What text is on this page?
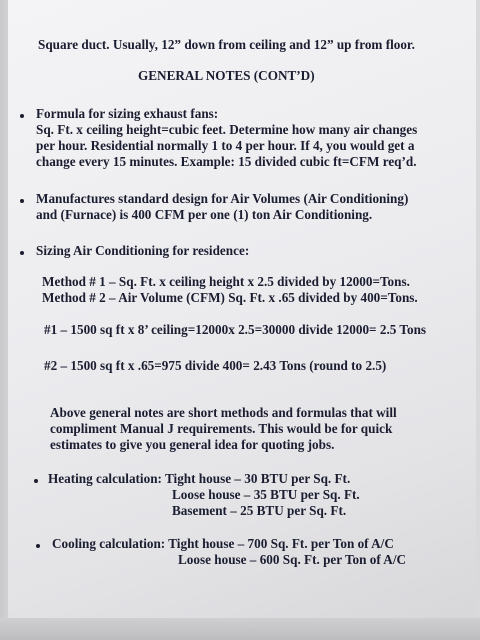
Square duct. Usually, 12” down from ceiling and 12” up from floor.

GENERAL NOTES (CONT’D)

Formula for sizing exhaust fans:

Sq. Ft. x ceiling height=cubic feet. Determine how many air changes

per hour. Residential normally 1 to 4 per hour. If 4, you would get a

change every 15 minutes. Example: 15 divided cubic ft=CFM req’d.

Manufactures standard design for Air Volumes (Air Conditioning)

and (Furnace) is 400 CFM per one (1) ton Air Conditioning.

Sizing Air Conditioning for residence:

Method # 1 – Sq. Ft. x ceiling height x 2.5 divided by 12000=Tons.

Method # 2 – Air Volume (CFM) Sq. Ft. x .65 divided by 400=Tons.

#1 – 1500 sq ft x 8’ ceiling=12000x 2.5=30000 divide 12000= 2.5 Tons

#2 – 1500 sq ft x .65=975 divide 400= 2.43 Tons (round to 2.5)

Above general notes are short methods and formulas that will

compliment Manual J requirements. This would be for quick

estimates to give you general idea for quoting jobs.

Heating calculation: Tight house – 30 BTU per Sq. Ft.

Loose house – 35 BTU per Sq. Ft.

Basement – 25 BTU per Sq. Ft.

Cooling calculation: Tight house – 700 Sq. Ft. per Ton of A/C

Loose house – 600 Sq. Ft. per Ton of A/C
